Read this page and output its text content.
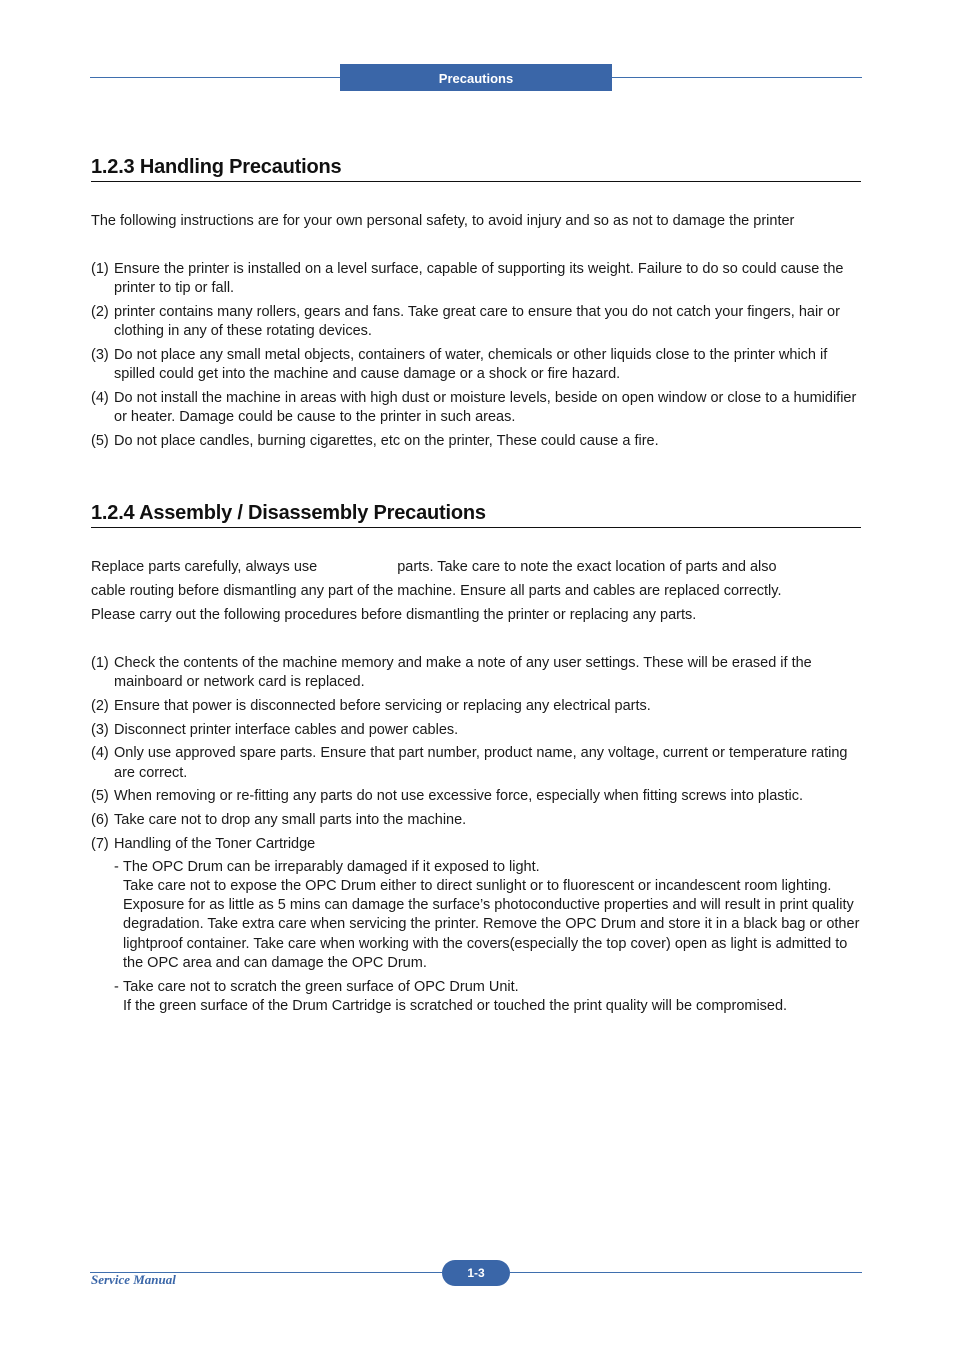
Precautions
1.2.3 Handling Precautions
The following instructions are for your own personal safety, to avoid injury and so as not to damage the printer
(1) Ensure the printer is installed on a level surface, capable of supporting its weight. Failure to do so could cause the printer to tip or fall.
(2) printer contains many rollers, gears and fans. Take great care to ensure that you do not catch your fingers, hair or clothing in any of these rotating devices.
(3) Do not place any small metal objects, containers of water, chemicals or other liquids close to the printer which if spilled could get into the machine and cause damage or a shock or fire hazard.
(4) Do not install the machine in areas with high dust or moisture levels, beside on open window or close to a humidifier or heater. Damage could be cause to the printer in such areas.
(5) Do not place candles, burning cigarettes, etc on the printer, These could cause a fire.
1.2.4 Assembly / Disassembly Precautions
Replace parts carefully, always use	parts. Take care to note the exact location of parts and also
cable routing before dismantling any part of the machine. Ensure all parts and cables are replaced correctly.
Please carry out the following procedures before dismantling the printer or replacing any parts.
(1) Check the contents of the machine memory and make a note of any user settings. These will be erased if the mainboard or network card is replaced.
(2) Ensure that power is disconnected before servicing or replacing any electrical parts.
(3) Disconnect printer interface cables and power cables.
(4) Only use approved spare parts. Ensure that part number, product name, any voltage, current or temperature rating are correct.
(5) When removing or re-fitting any parts do not use excessive force, especially when fitting screws into plastic.
(6) Take care not to drop any small parts into the machine.
(7) Handling of the Toner Cartridge
- The OPC Drum can be irreparably damaged if it exposed to light.
Take care not to expose the OPC Drum either to direct sunlight or to fluorescent or incandescent room lighting. Exposure for as little as 5 mins can damage the surface’s photoconductive properties and will result in print quality degradation. Take extra care when servicing the printer. Remove the OPC Drum and store it in a black bag or other lightproof container. Take care when working with the covers(especially the top cover) open as light is admitted to the OPC area and can damage the OPC Drum.
- Take care not to scratch the green surface of OPC Drum Unit.
If the green surface of the Drum Cartridge is scratched or touched the print quality will be compromised.
1-3
Service Manual
